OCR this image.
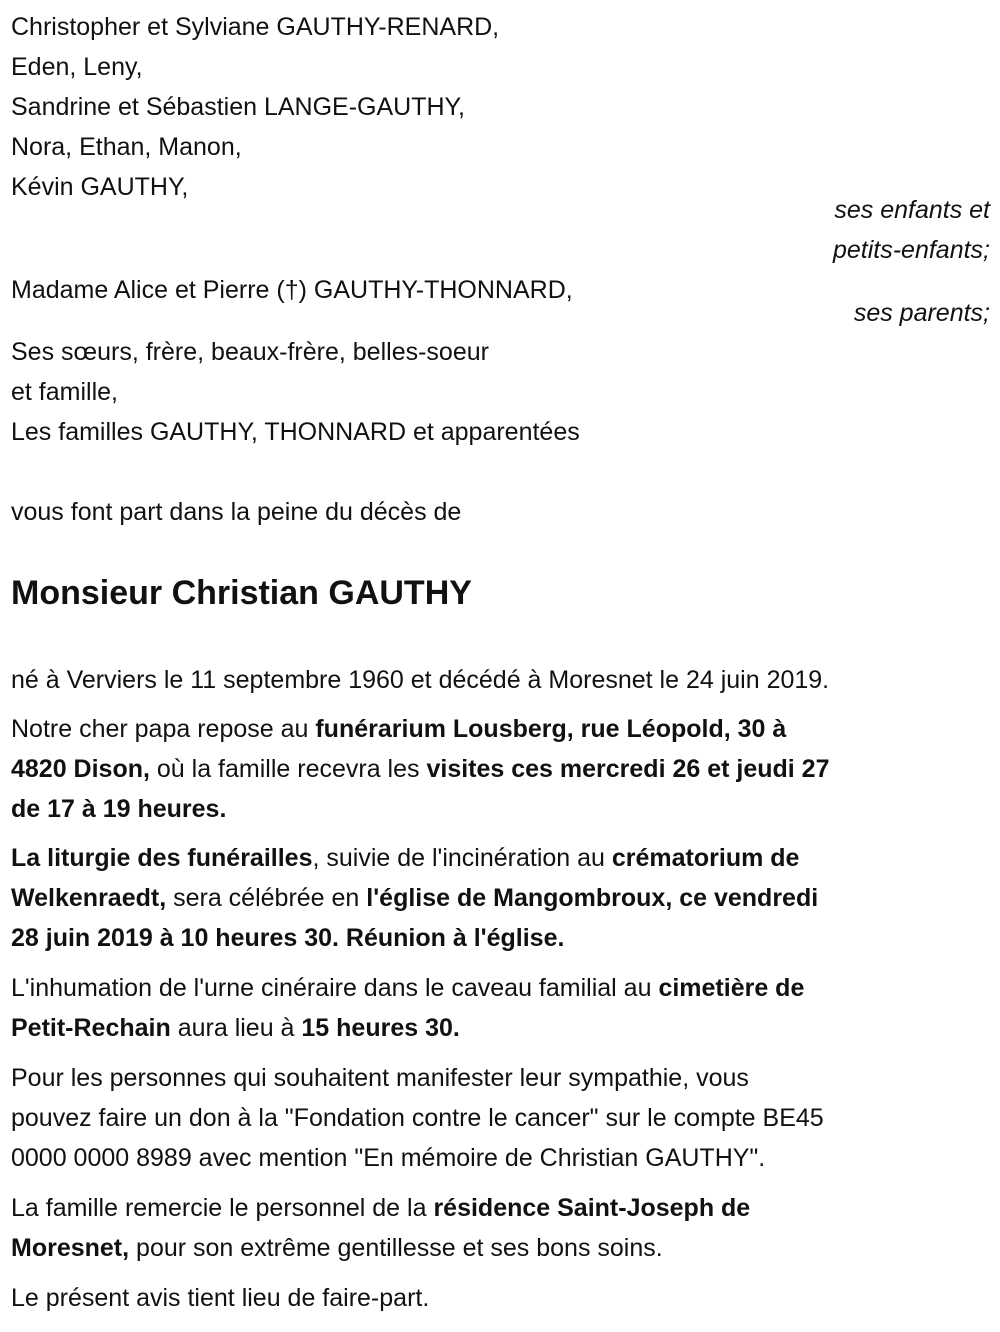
Christopher et Sylviane GAUTHY-RENARD,
Eden, Leny,
Sandrine et Sébastien LANGE-GAUTHY,
Nora, Ethan, Manon,
Kévin GAUTHY,
ses enfants et
petits-enfants;
Madame Alice et Pierre (†) GAUTHY-THONNARD,
ses parents;
Ses sœurs, frère, beaux-frère, belles-soeur
et famille,
Les familles GAUTHY, THONNARD et apparentées
vous font part dans la peine du décès de
Monsieur Christian GAUTHY
né à Verviers le 11 septembre 1960 et décédé à Moresnet le 24 juin 2019.
Notre cher papa repose au funérarium Lousberg, rue Léopold, 30 à
4820 Dison, où la famille recevra les visites ces mercredi 26 et jeudi 27
de 17 à 19 heures.
La liturgie des funérailles, suivie de l'incinération au crématorium de
Welkenraedt, sera célébrée en l'église de Mangombroux, ce vendredi
28 juin 2019 à 10 heures 30. Réunion à l'église.
L'inhumation de l'urne cinéraire dans le caveau familial au cimetière de
Petit-Rechain aura lieu à 15 heures 30.
Pour les personnes qui souhaitent manifester leur sympathie, vous
pouvez faire un don à la "Fondation contre le cancer" sur le compte BE45
0000 0000 8989 avec mention "En mémoire de Christian GAUTHY".
La famille remercie le personnel de la résidence Saint-Joseph de
Moresnet, pour son extrême gentillesse et ses bons soins.
Le présent avis tient lieu de faire-part.
